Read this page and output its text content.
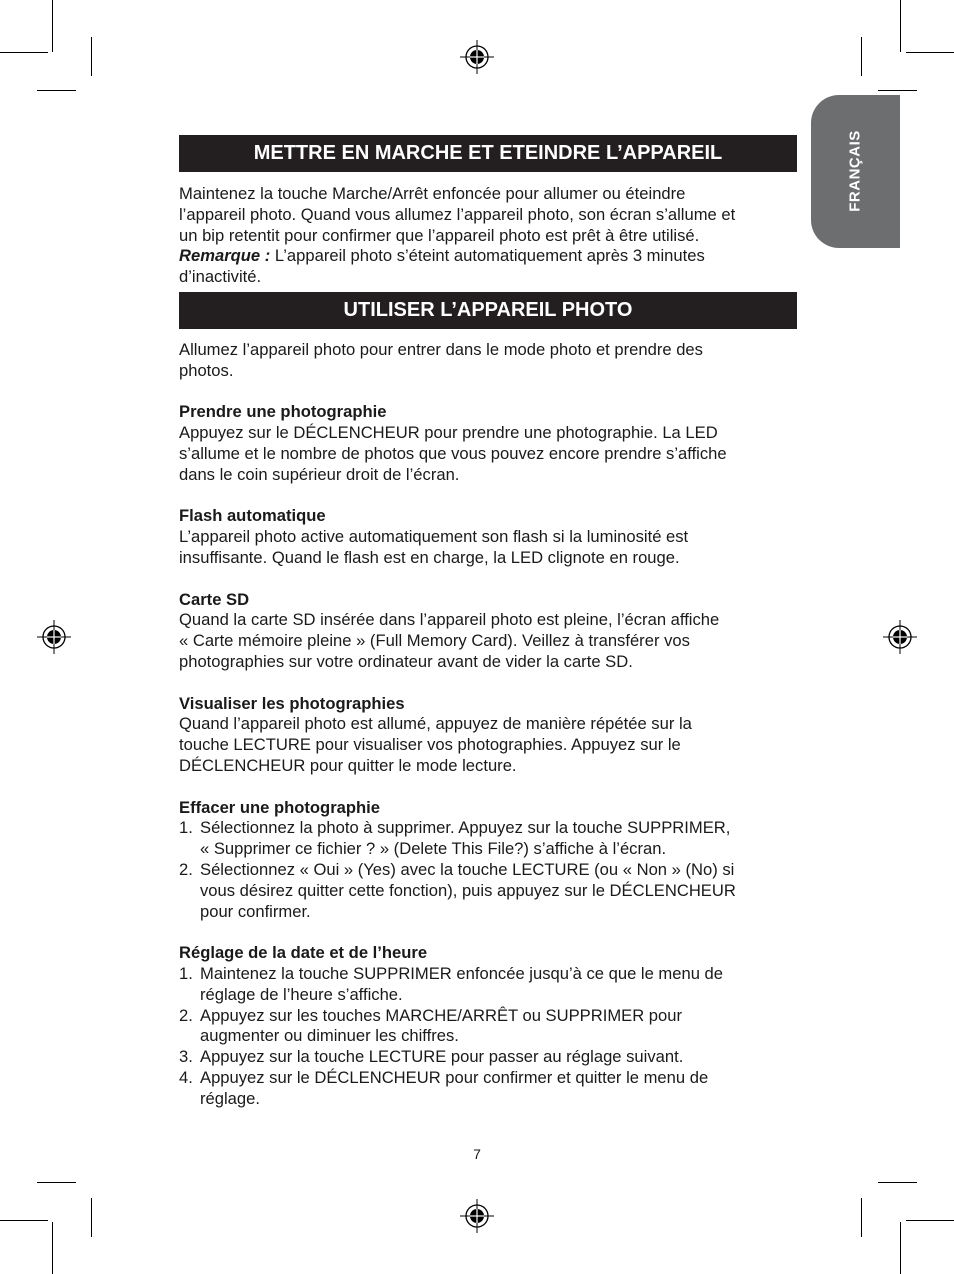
FRANÇAIS
METTRE EN MARCHE ET ETEINDRE L’APPAREIL

Maintenez la touche Marche/Arrêt enfoncée pour allumer ou éteindre

l’appareil photo. Quand vous allumez l’appareil photo, son écran s’allume et

un bip retentit pour confirmer que l’appareil photo est prêt à être utilisé.

Remarque : L’appareil photo s’éteint automatiquement après 3 minutes

d’inactivité.

UTILISER L’APPAREIL PHOTO

Allumez l’appareil photo pour entrer dans le mode photo et prendre des

photos.

Prendre une photographie

Appuyez sur le DÉCLENCHEUR pour prendre une photographie. La LED

s’allume et le nombre de photos que vous pouvez encore prendre s’affiche

dans le coin supérieur droit de l’écran.

Flash automatique

L’appareil photo active automatiquement son flash si la luminosité est

insuffisante. Quand le flash est en charge, la LED clignote en rouge.

Carte SD

Quand la carte SD insérée dans l’appareil photo est pleine, l’écran affiche

« Carte mémoire pleine » (Full Memory Card). Veillez à transférer vos

photographies sur votre ordinateur avant de vider la carte SD.

Visualiser les photographies

Quand l’appareil photo est allumé, appuyez de manière répétée sur la

touche LECTURE pour visualiser vos photographies. Appuyez sur le

DÉCLENCHEUR pour quitter le mode lecture.

Effacer une photographie

1. Sélectionnez la photo à supprimer. Appuyez sur la touche SUPPRIMER,
« Supprimer ce fichier ? » (Delete This File?) s’affiche à l’écran.
2. Sélectionnez « Oui » (Yes) avec la touche LECTURE (ou « Non » (No) si
vous désirez quitter cette fonction), puis appuyez sur le DÉCLENCHEUR
pour confirmer.

Réglage de la date et de l’heure

1. Maintenez la touche SUPPRIMER enfoncée jusqu’à ce que le menu de
réglage de l’heure s’affiche.
2. Appuyez sur les touches MARCHE/ARRÊT ou SUPPRIMER pour
augmenter ou diminuer les chiffres.
3. Appuyez sur la touche LECTURE pour passer au réglage suivant.
4. Appuyez sur le DÉCLENCHEUR pour confirmer et quitter le menu de
réglage.
7
